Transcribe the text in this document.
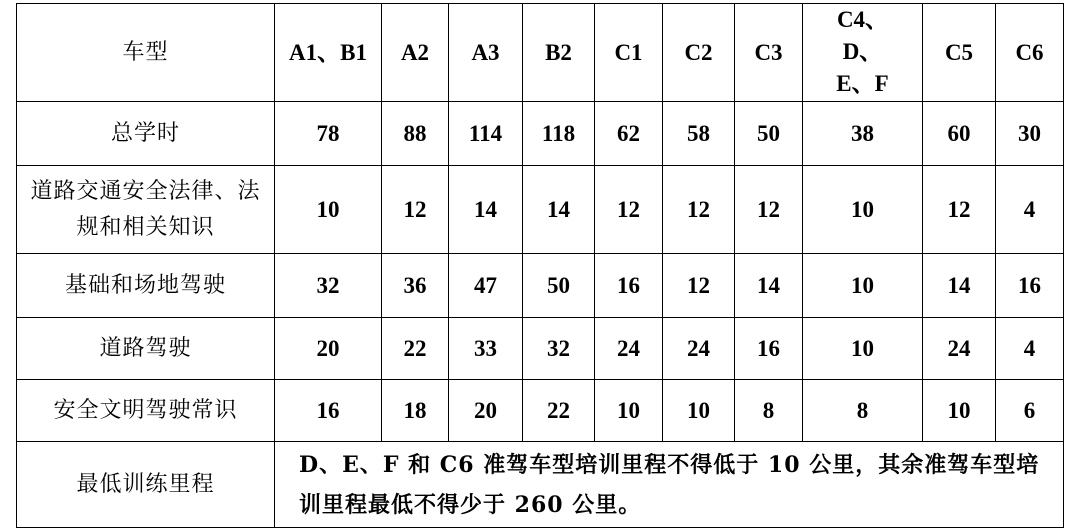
车型	A1、B1	A2	A3	B2	C1	C2	C3	C4、D、E、F	C5	C6
总学时	78	88	114	118	62	58	50	38	60	30
道路交通安全法律、法规和相关知识	10	12	14	14	12	12	12	10	12	4
基础和场地驾驶	32	36	47	50	16	12	14	10	14	16
道路驾驶	20	22	33	32	24	24	16	10	24	4
安全文明驾驶常识	16	18	20	22	10	10	8	8	10	6
最低训练里程	D、E、F 和 C6 准驾车型培训里程不得低于 10 公里，其余准驾车型培训里程最低不得少于 260 公里。									
